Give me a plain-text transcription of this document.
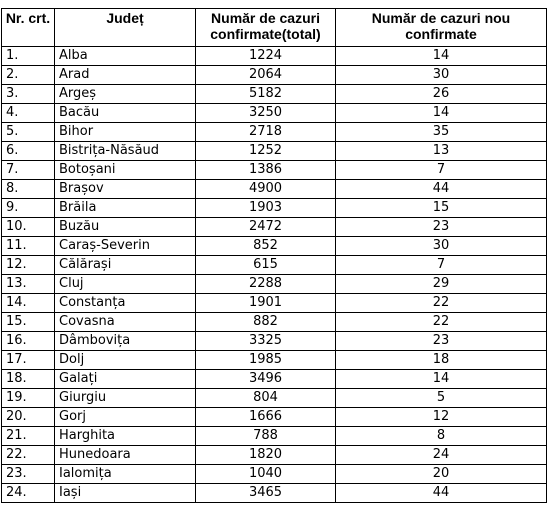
Nr. crt.	Județ	Număr de cazuri confirmate(total)	Număr de cazuri nou confirmate
1.	Alba	1224	14
2.	Arad	2064	30
3.	Argeș	5182	26
4.	Bacău	3250	14
5.	Bihor	2718	35
6.	Bistrița-Năsăud	1252	13
7.	Botoșani	1386	7
8.	Brașov	4900	44
9.	Brăila	1903	15
10.	Buzău	2472	23
11.	Caraș-Severin	852	30
12.	Călărași	615	7
13.	Cluj	2288	29
14.	Constanța	1901	22
15.	Covasna	882	22
16.	Dâmbovița	3325	23
17.	Dolj	1985	18
18.	Galați	3496	14
19.	Giurgiu	804	5
20.	Gorj	1666	12
21.	Harghita	788	8
22.	Hunedoara	1820	24
23.	Ialomița	1040	20
24.	Iași	3465	44
